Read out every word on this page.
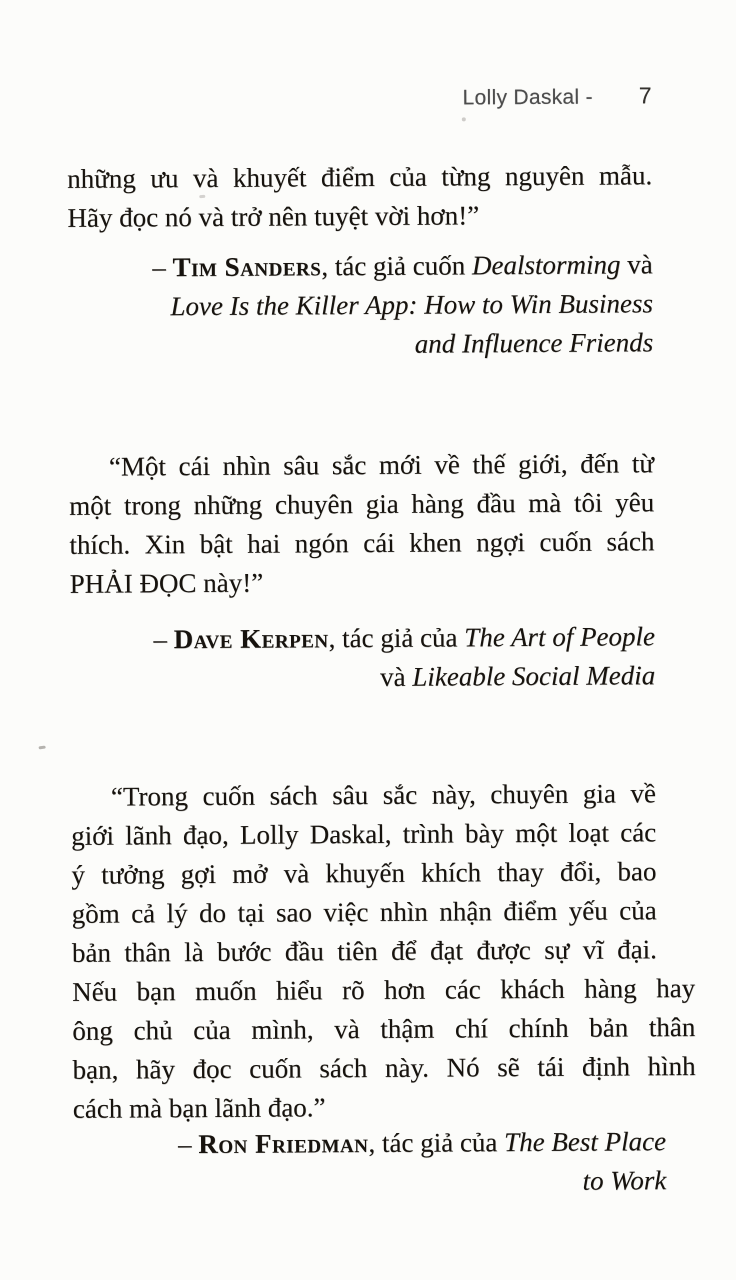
Lolly Daskal - 7
những ưu và khuyết điểm của từng nguyên mẫu.
Hãy đọc nó và trở nên tuyệt vời hơn!”
– Tim Sanders, tác giả cuốn Dealstorming và
Love Is the Killer App: How to Win Business
and Influence Friends
“Một cái nhìn sâu sắc mới về thế giới, đến từ
một trong những chuyên gia hàng đầu mà tôi yêu
thích. Xin bật hai ngón cái khen ngợi cuốn sách
PHẢI ĐỌC này!”
– Dave Kerpen, tác giả của The Art of People
và Likeable Social Media
“Trong cuốn sách sâu sắc này, chuyên gia về
giới lãnh đạo, Lolly Daskal, trình bày một loạt các
ý tưởng gợi mở và khuyến khích thay đổi, bao
gồm cả lý do tại sao việc nhìn nhận điểm yếu của
bản thân là bước đầu tiên để đạt được sự vĩ đại.
Nếu bạn muốn hiểu rõ hơn các khách hàng hay
ông chủ của mình, và thậm chí chính bản thân
bạn, hãy đọc cuốn sách này. Nó sẽ tái định hình
cách mà bạn lãnh đạo.”
– Ron Friedman, tác giả của The Best Place
to Work
